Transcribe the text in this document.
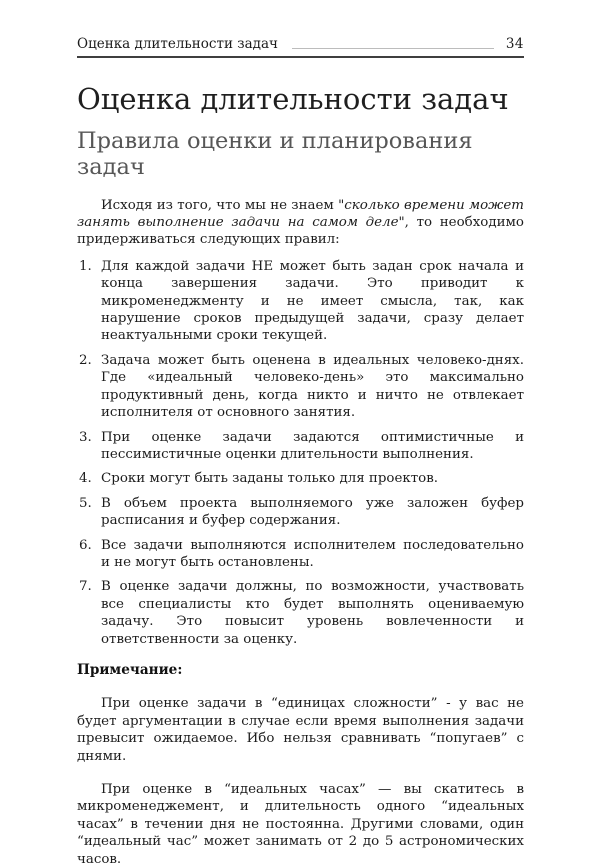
Оценка длительности задач	34
Оценка длительности задач
Правила оценки и планирования задач

Исходя из того, что мы не знаем "сколько времени может занять выполнение задачи на самом деле", то необходимо придерживаться следующих правил:

1. Для каждой задачи НЕ может быть задан срок начала и конца завершения задачи. Это приводит к микроменеджменту и не имеет смысла, так, как нарушение сроков предыдущей задачи, сразу делает неактуальными сроки текущей.
2. Задача может быть оценена в идеальных человеко-днях. Где «идеальный человеко-день» это максимально продуктивный день, когда никто и ничто не отвлекает исполнителя от основного занятия.
3. При оценке задачи задаются оптимистичные и пессимистичные оценки длительности выполнения.
4. Сроки могут быть заданы только для проектов.
5. В объем проекта выполняемого уже заложен буфер расписания и буфер содержания.
6. Все задачи выполняются исполнителем последовательно и не могут быть остановлены.
7. В оценке задачи должны, по возможности, участвовать все специалисты кто будет выполнять оцениваемую задачу. Это повысит уровень вовлеченности и ответственности за оценку.

Примечание:

При оценке задачи в “единицах сложности” - у вас не будет аргументации в случае если время выполнения задачи превысит ожидаемое. Ибо нельзя сравнивать “попугаев” с днями.

При оценке в “идеальных часах” — вы скатитесь в микроменеджемент, и длительность одного “идеальных часах” в течении дня не постоянна. Другими словами, один “идеальный час” может занимать от 2 до 5 астрономических часов.
